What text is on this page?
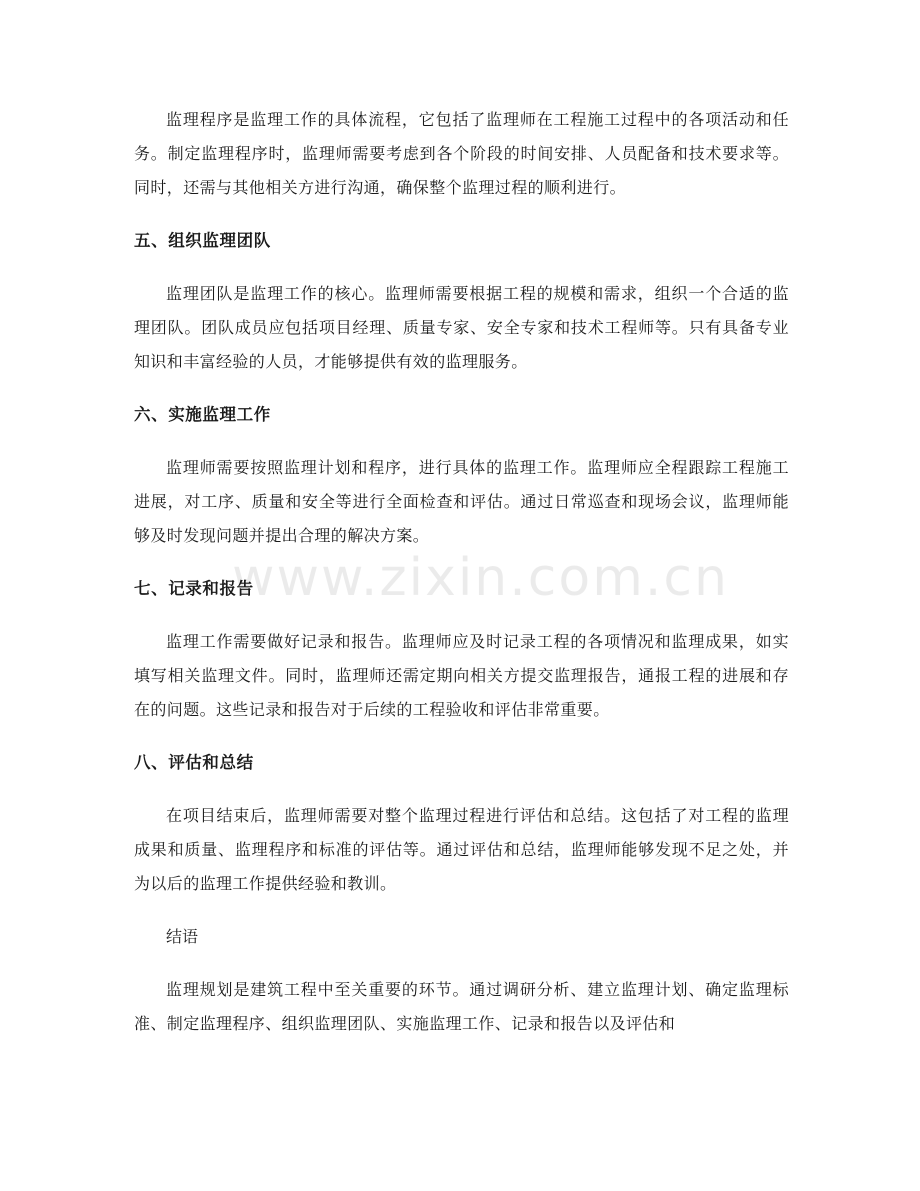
监理程序是监理工作的具体流程，它包括了监理师在工程施工过程中的各项活动和任务。制定监理程序时，监理师需要考虑到各个阶段的时间安排、人员配备和技术要求等。同时，还需与其他相关方进行沟通，确保整个监理过程的顺利进行。

五、组织监理团队

监理团队是监理工作的核心。监理师需要根据工程的规模和需求，组织一个合适的监理团队。团队成员应包括项目经理、质量专家、安全专家和技术工程师等。只有具备专业知识和丰富经验的人员，才能够提供有效的监理服务。

六、实施监理工作

监理师需要按照监理计划和程序，进行具体的监理工作。监理师应全程跟踪工程施工进展，对工序、质量和安全等进行全面检查和评估。通过日常巡查和现场会议，监理师能够及时发现问题并提出合理的解决方案。

七、记录和报告

监理工作需要做好记录和报告。监理师应及时记录工程的各项情况和监理成果，如实填写相关监理文件。同时，监理师还需定期向相关方提交监理报告，通报工程的进展和存在的问题。这些记录和报告对于后续的工程验收和评估非常重要。

八、评估和总结

在项目结束后，监理师需要对整个监理过程进行评估和总结。这包括了对工程的监理成果和质量、监理程序和标准的评估等。通过评估和总结，监理师能够发现不足之处，并为以后的监理工作提供经验和教训。

结语

监理规划是建筑工程中至关重要的环节。通过调研分析、建立监理计划、确定监理标准、制定监理程序、组织监理团队、实施监理工作、记录和报告以及评估和

www.zixin.com.cn
